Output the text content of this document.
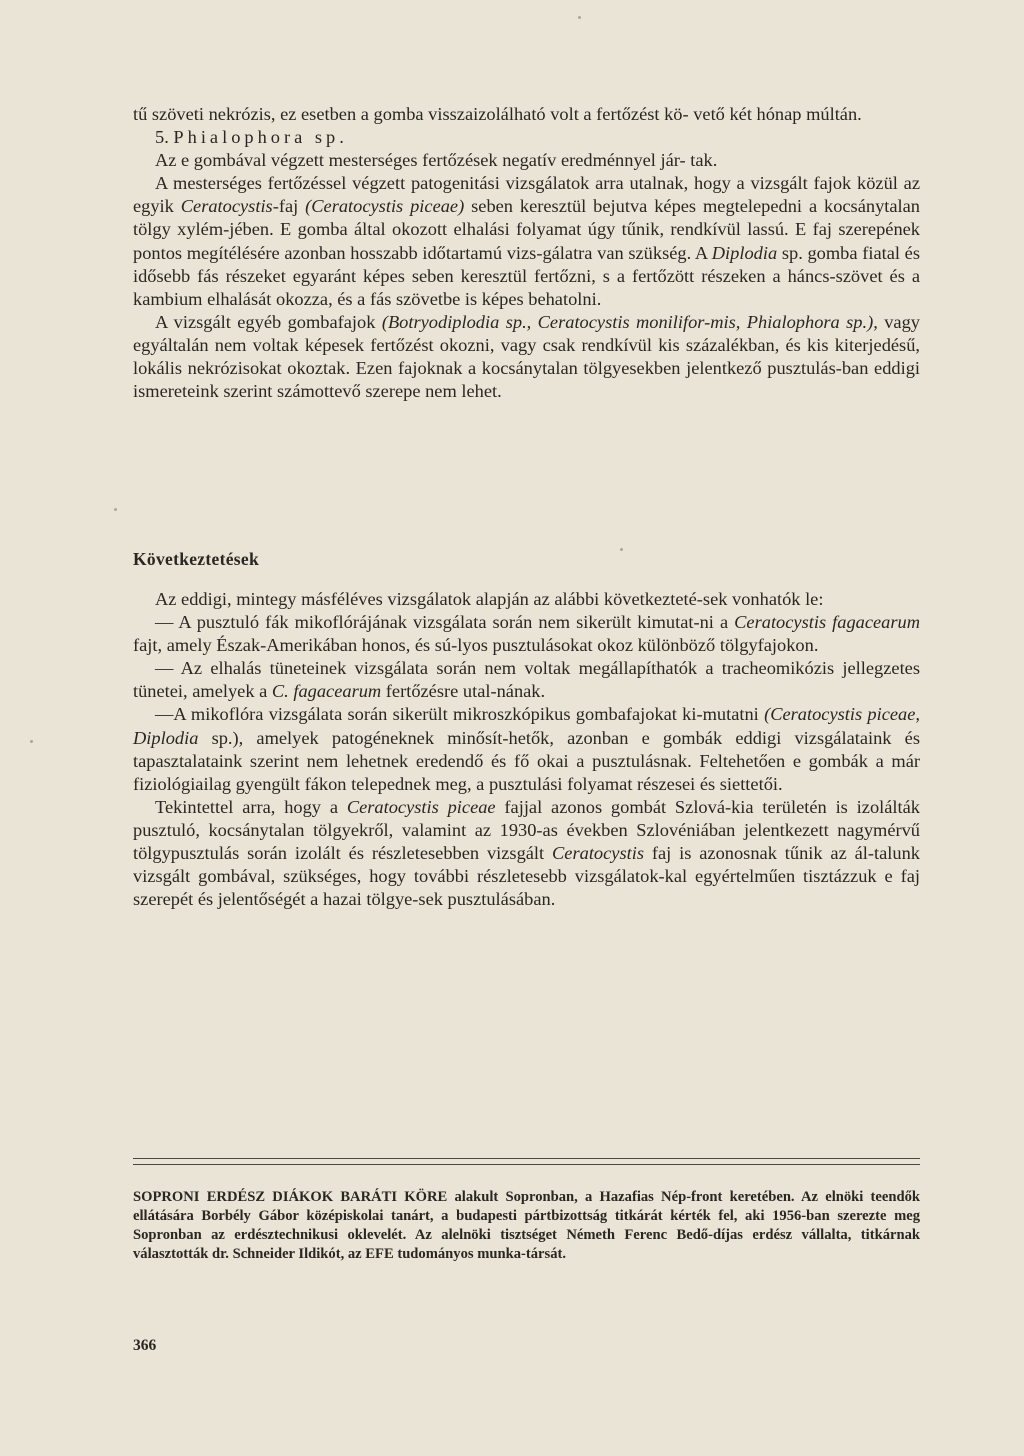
tű szöveti nekrózis, ez esetben a gomba visszaizolálható volt a fertőzést kö- vető két hónap múltán.

5. Phialophora sp.

Az e gombával végzett mesterséges fertőzések negatív eredménnyel jár- tak.

A mesterséges fertőzéssel végzett patogenitási vizsgálatok arra utalnak, hogy a vizsgált fajok közül az egyik Ceratocystis-faj (Ceratocystis piceae) seben keresztül bejutva képes megtelepedni a kocsánytalan tölgy xylém-jében. E gomba által okozott elhalási folyamat úgy tűnik, rendkívül lassú. E faj szerepének pontos megítélésére azonban hosszabb időtartamú vizs-gálatra van szükség. A Diplodia sp. gomba fiatal és idősebb fás részeket egyaránt képes seben keresztül fertőzni, s a fertőzött részeken a háncs-szövet és a kambium elhalását okozza, és a fás szövetbe is képes behatolni.

A vizsgált egyéb gombafajok (Botryodiplodia sp., Ceratocystis monilifor-mis, Phialophora sp.), vagy egyáltalán nem voltak képesek fertőzést okozni, vagy csak rendkívül kis százalékban, és kis kiterjedésű, lokális nekrózisokat okoztak. Ezen fajoknak a kocsánytalan tölgyesekben jelentkező pusztulás-ban eddigi ismereteink szerint számottevő szerepe nem lehet.

Következtetések

Az eddigi, mintegy másféléves vizsgálatok alapján az alábbi következteté-sek vonhatók le:

— A pusztuló fák mikoflórájának vizsgálata során nem sikerült kimutat-ni a Ceratocystis fagacearum fajt, amely Észak-Amerikában honos, és sú-lyos pusztulásokat okoz különböző tölgyfajokon.

— Az elhalás tüneteinek vizsgálata során nem voltak megállapíthatók a tracheomikózis jellegzetes tünetei, amelyek a C. fagacearum fertőzésre utal-nának.

—A mikoflóra vizsgálata során sikerült mikroszkópikus gombafajokat ki-mutatni (Ceratocystis piceae, Diplodia sp.), amelyek patogéneknek minősít-hetők, azonban e gombák eddigi vizsgálataink és tapasztalataink szerint nem lehetnek eredendő és fő okai a pusztulásnak. Feltehetően e gombák a már fiziológiailag gyengült fákon telepednek meg, a pusztulási folyamat részesei és siettetői.

Tekintettel arra, hogy a Ceratocystis piceae fajjal azonos gombát Szlová-kia területén is izolálták pusztuló, kocsánytalan tölgyekről, valamint az 1930-as években Szlovéniában jelentkezett nagymérvű tölgypusztulás során izolált és részletesebben vizsgált Ceratocystis faj is azonosnak tűnik az ál-talunk vizsgált gombával, szükséges, hogy további részletesebb vizsgálatok-kal egyértelműen tisztázzuk e faj szerepét és jelentőségét a hazai tölgye-sek pusztulásában.

SOPRONI ERDÉSZ DIÁKOK BARÁTI KÖRE alakult Sopronban, a Hazafias Nép-front keretében. Az elnöki teendők ellátására Borbély Gábor középiskolai tanárt, a budapesti pártbizottság titkárát kérték fel, aki 1956-ban szerezte meg Sopronban az erdésztechnikusi oklevelét. Az alelnöki tisztséget Németh Ferenc Bedő-díjas erdész vállalta, titkárnak választották dr. Schneider Ildikót, az EFE tudományos munka-társát.

366
